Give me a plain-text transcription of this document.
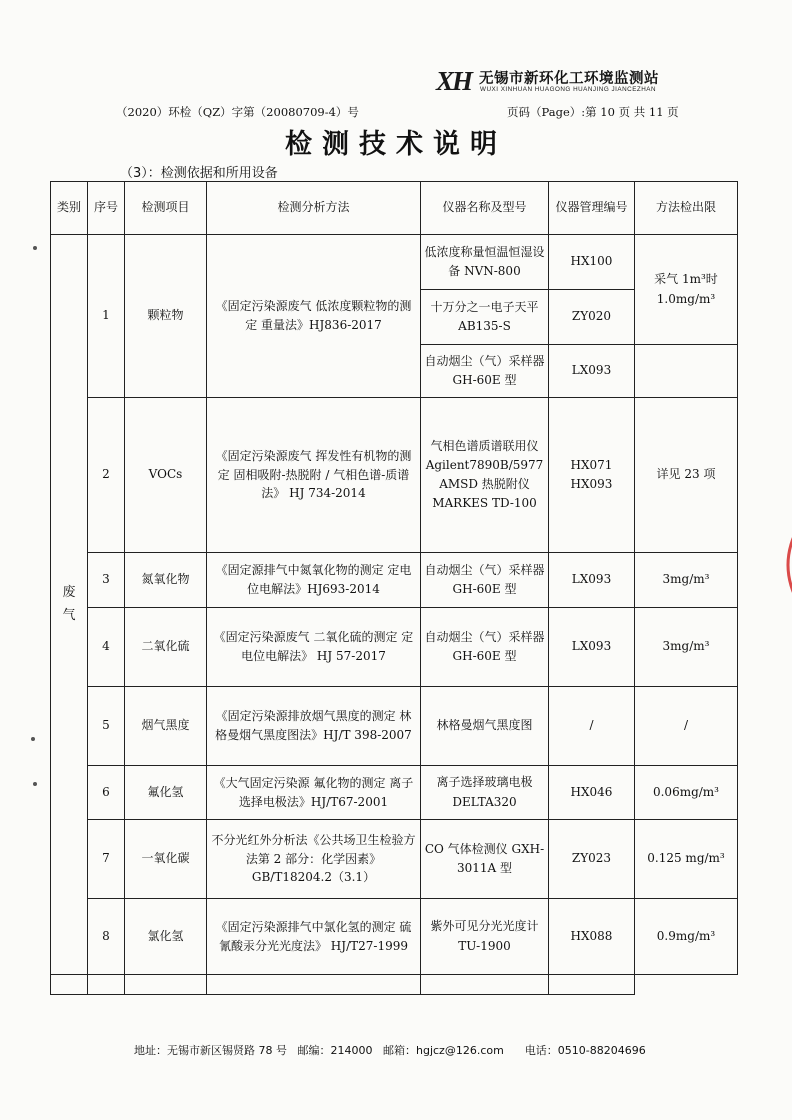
XH 无锡市新环化工环境监测站
WUXI XINHUAN HUAGONG HUANJING JIANCEZHAN
（2020）环检（QZ）字第（20080709-4）号	页码（Page）:第 10 页 共 11 页
检测技术说明
（3）：检测依据和所用设备
类别	序号	检测项目	检测分析方法	仪器名称及型号	仪器管理编号	方法检出限
废气	1	颗粒物	《固定污染源废气 低浓度颗粒物的测定 重量法》HJ836-2017	低浓度称量恒温恒湿设备 NVN-800	HX100	采气 1m³时 1.0mg/m³
				十万分之一电子天平 AB135-S	ZY020	
				自动烟尘（气）采样器 GH-60E 型	LX093	
	2	VOCs	《固定污染源废气 挥发性有机物的测定 固相吸附-热脱附 / 气相色谱-质谱法》 HJ 734-2014	气相色谱质谱联用仪 Agilent7890B/5977 AMSD 热脱附仪 MARKES TD-100	HX071 HX093	详见 23 项
	3	氮氧化物	《固定源排气中氮氧化物的测定 定电位电解法》HJ693-2014	自动烟尘（气）采样器 GH-60E 型	LX093	3mg/m³
	4	二氧化硫	《固定污染源废气 二氧化硫的测定 定电位电解法》 HJ 57-2017	自动烟尘（气）采样器 GH-60E 型	LX093	3mg/m³
	5	烟气黑度	《固定污染源排放烟气黑度的测定 林格曼烟气黑度图法》HJ/T 398-2007	林格曼烟气黑度图	/	/
	6	氟化氢	《大气固定污染源 氟化物的测定 离子选择电极法》HJ/T67-2001	离子选择玻璃电极 DELTA320	HX046	0.06mg/m³
	7	一氧化碳	不分光红外分析法《公共场卫生检验方法第 2 部分：化学因素》GB/T18204.2（3.1）	CO 气体检测仪 GXH-3011A 型	ZY023	0.125 mg/m³
	8	氯化氢	《固定污染源排气中氯化氢的测定 硫氰酸汞分光光度法》 HJ/T27-1999	紫外可见分光光度计 TU-1900	HX088	0.9mg/m³

地址：无锡市新区锡贤路 78 号 邮编：214000 邮箱：hgjcz@126.com 电话：0510-88204696
